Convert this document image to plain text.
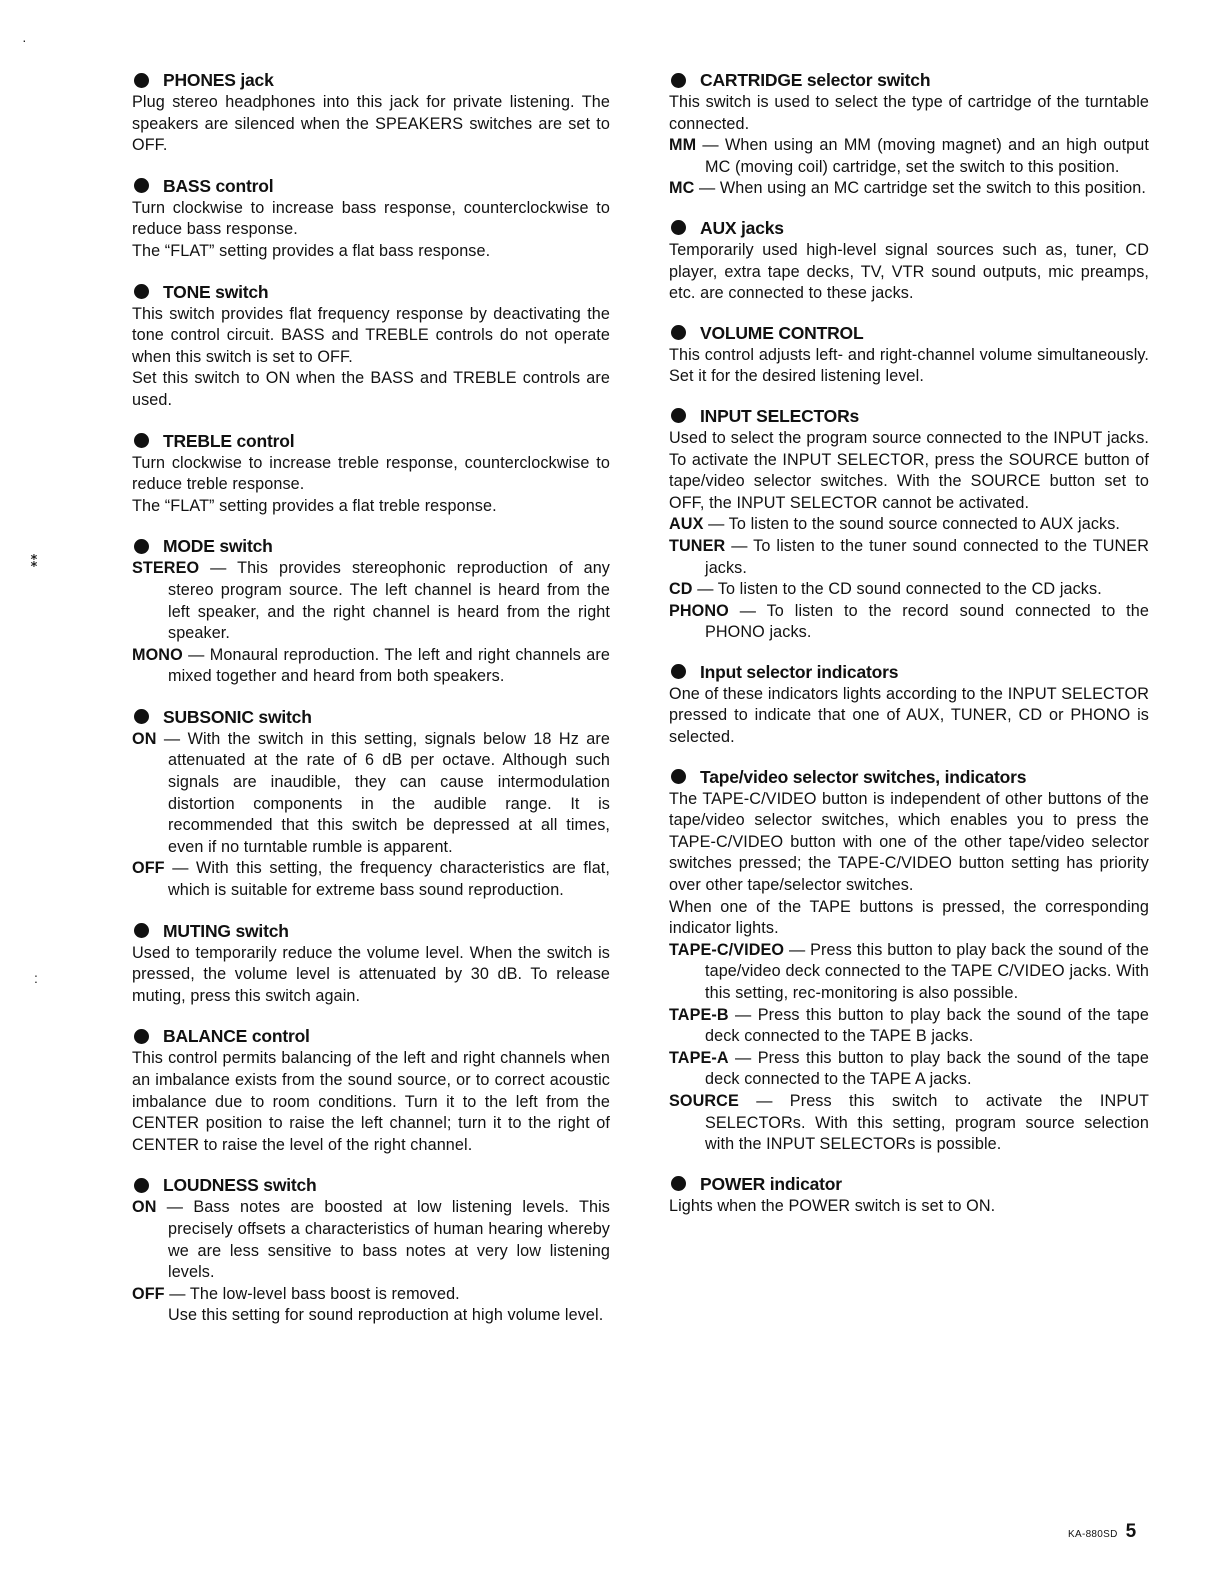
PHONES jack

Plug stereo headphones into this jack for private listening. The speakers are silenced when the SPEAKERS switches are set to OFF.

BASS control

Turn clockwise to increase bass response, counterclockwise to reduce bass response.

The “FLAT” setting provides a flat bass response.

TONE switch

This switch provides flat frequency response by deactivating the tone control circuit. BASS and TREBLE controls do not operate when this switch is set to OFF.

Set this switch to ON when the BASS and TREBLE controls are used.

TREBLE control

Turn clockwise to increase treble response, counterclockwise to reduce treble response.

The “FLAT” setting provides a flat treble response.

MODE switch

STEREO — This provides stereophonic reproduction of any stereo program source. The left channel is heard from the left speaker, and the right channel is heard from the right speaker.

MONO — Monaural reproduction. The left and right channels are mixed together and heard from both speakers.

SUBSONIC switch

ON — With the switch in this setting, signals below 18 Hz are attenuated at the rate of 6 dB per octave. Although such signals are inaudible, they can cause intermodulation distortion components in the audible range. It is recommended that this switch be depressed at all times, even if no turntable rumble is apparent.

OFF — With this setting, the frequency characteristics are flat, which is suitable for extreme bass sound reproduction.

MUTING switch

Used to temporarily reduce the volume level. When the switch is pressed, the volume level is attenuated by 30 dB. To release muting, press this switch again.

BALANCE control

This control permits balancing of the left and right channels when an imbalance exists from the sound source, or to correct acoustic imbalance due to room conditions. Turn it to the left from the CENTER position to raise the left channel; turn it to the right of CENTER to raise the level of the right channel.

LOUDNESS switch

ON — Bass notes are boosted at low listening levels. This precisely offsets a characteristics of human hearing whereby we are less sensitive to bass notes at very low listening levels.

OFF — The low-level bass boost is removed.

Use this setting for sound reproduction at high volume level.

CARTRIDGE selector switch

This switch is used to select the type of cartridge of the turntable connected.

MM — When using an MM (moving magnet) and an high output MC (moving coil) cartridge, set the switch to this position.

MC — When using an MC cartridge set the switch to this position.

AUX jacks

Temporarily used high-level signal sources such as, tuner, CD player, extra tape decks, TV, VTR sound outputs, mic preamps, etc. are connected to these jacks.

VOLUME CONTROL

This control adjusts left- and right-channel volume simultaneously. Set it for the desired listening level.

INPUT SELECTORs

Used to select the program source connected to the INPUT jacks. To activate the INPUT SELECTOR, press the SOURCE button of tape/video selector switches. With the SOURCE button set to OFF, the INPUT SELECTOR cannot be activated.

AUX — To listen to the sound source connected to AUX jacks.

TUNER — To listen to the tuner sound connected to the TUNER jacks.

CD — To listen to the CD sound connected to the CD jacks.

PHONO — To listen to the record sound connected to the PHONO jacks.

Input selector indicators

One of these indicators lights according to the INPUT SELECTOR pressed to indicate that one of AUX, TUNER, CD or PHONO is selected.

Tape/video selector switches, indicators

The TAPE-C/VIDEO button is independent of other buttons of the tape/video selector switches, which enables you to press the TAPE-C/VIDEO button with one of the other tape/video selector switches pressed; the TAPE-C/VIDEO button setting has priority over other tape/selector switches.

When one of the TAPE buttons is pressed, the corresponding indicator lights.

TAPE-C/VIDEO — Press this button to play back the sound of the tape/video deck connected to the TAPE C/VIDEO jacks. With this setting, rec-monitoring is also possible.

TAPE-B — Press this button to play back the sound of the tape deck connected to the TAPE B jacks.

TAPE-A — Press this button to play back the sound of the tape deck connected to the TAPE A jacks.

SOURCE — Press this switch to activate the INPUT SELECTORs. With this setting, program source selection with the INPUT SELECTORs is possible.

POWER indicator

Lights when the POWER switch is set to ON.

·
⁑
:
KA-880SD 5
